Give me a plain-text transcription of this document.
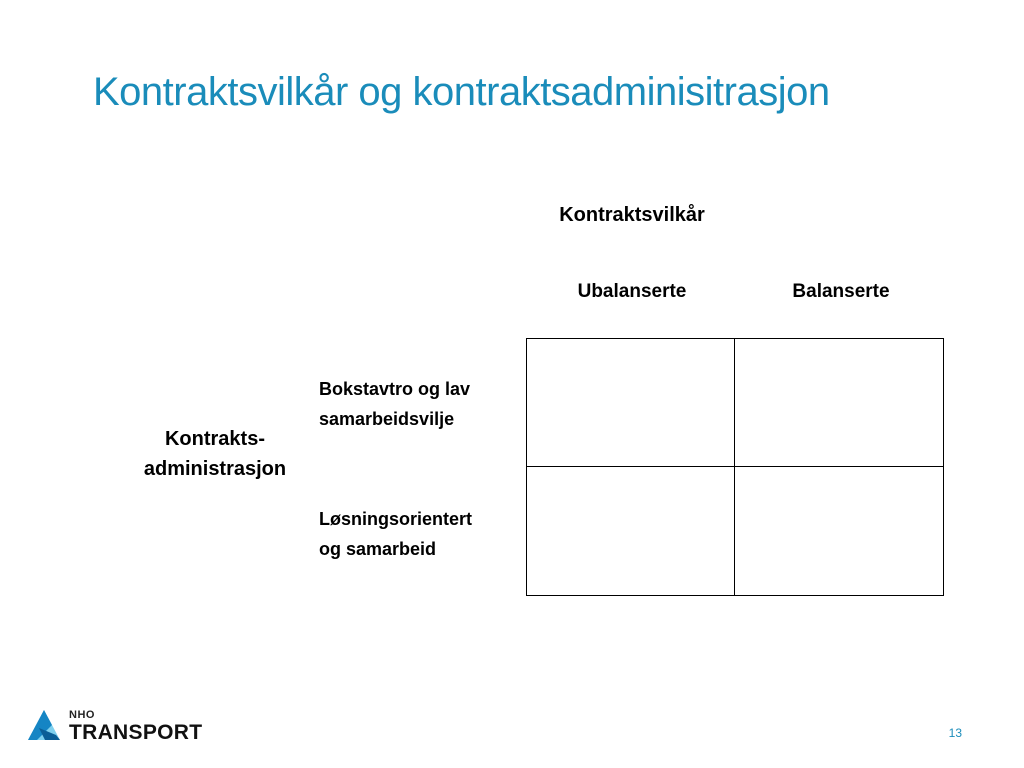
Kontraktsvilkår og kontraktsadminisitrasjon
Kontraktsvilkår
Ubalanserte	Balanserte
Kontrakts-
administrasjon
Bokstavtro og lav
samarbeidsvilje
Løsningsorientert
og samarbeid
NHO
TRANSPORT	13
